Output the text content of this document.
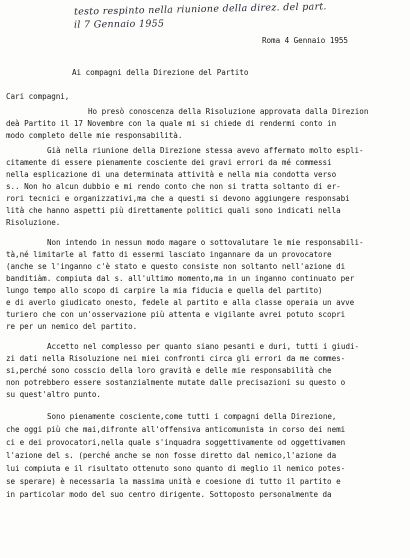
testo respinto nella riunione della direz. del part.
il 7 Gennaio 1955
Roma 4 Gennaio 1955
Ai compagni della Direzione del Partito
Cari compagni,
Ho presò conoscenza della Risoluzione approvata dalla Direzion
deà Partito il 17 Novembre con la quale mi si chiede di rendermi conto in
modo completo delle mie responsabilità.
Già nella riunione della Direzione stessa avevo affermato molto espli-
citamente di essere pienamente cosciente dei gravi errori da mé commessi
nella esplicazione di una determinata attività e nella mia condotta verso
s.. Non ho alcun dubbio e mi rendo conto che non si tratta soltanto di er-
rori tecnici e organizzativi,ma che a questi si devono aggiungere responsabi
lità che hanno aspetti più direttamente politici quali sono indicati nella
Risoluzione.
Non intendo in nessun modo magare o sottovalutare le mie responsabili-
tà,né limitarle al fatto di essermi lasciato ingannare da un provocatore
(anche se l'inganno c'è stato e questo consiste non soltanto nell'azione di
banditiàm. compiuta dal s. all'ultimo momento,ma in un inganno continuato per
lungo tempo allo scopo di carpire la mia fiducia e quella del partito)
e di averlo giudicato onesto, fedele al partito e alla classe operaia un avve
turiero che con un'osservazione più attenta e vigilante avrei potuto scopri
re per un nemico del partito.
Accetto nel complesso per quanto siano pesanti e duri, tutti i giudi-
zi dati nella Risoluzione nei miei confronti circa gli errori da me commes-
si,perché sono cosscio della loro gravità e delle mie responsabilità che
non potrebbero essere sostanzialmente mutate dalle precisazioni su questo o
su quest'altro punto.
Sono pienamente cosciente,come tutti i compagni della Direzione,
che oggi più che mai,difronte all'offensiva anticomunista in corso dei nemi
ci e dei provocatori,nella quale s'inquadra soggettivamente od oggettivamen
l'azione del s. (perché anche se non fosse diretto dal nemico,l'azione da
lui compiuta e il risultato ottenuto sono quanto di meglio il nemico potes-
se sperare) è necessaria la massima unità e coesione di tutto il partito e
in particolar modo del suo centro dirigente. Sottoposto personalmente da
